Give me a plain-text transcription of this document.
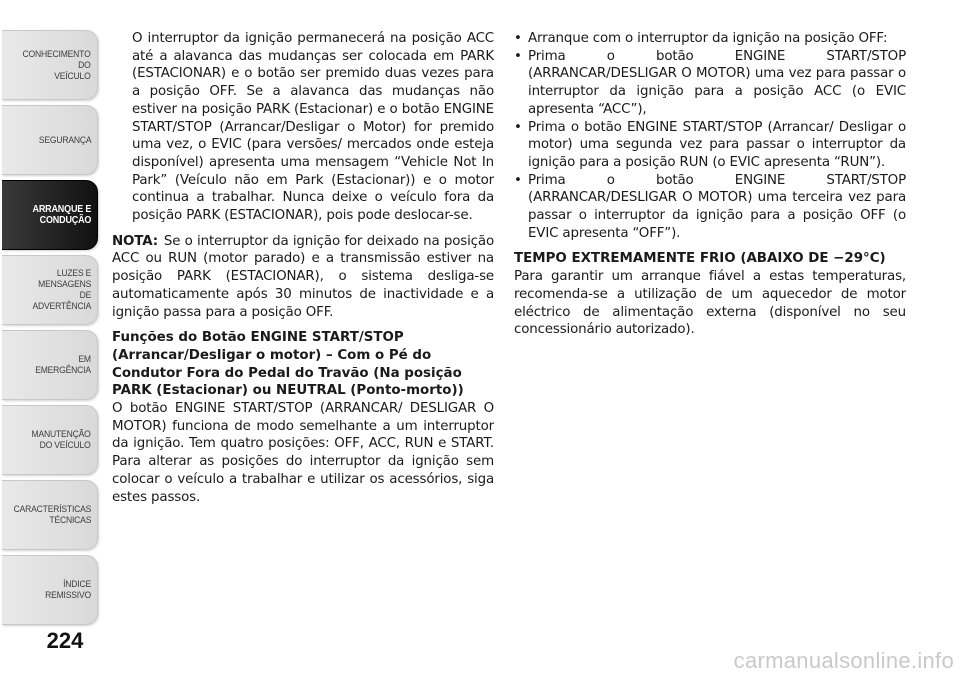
CONHECIMENTO
DO
VEÍCULO
SEGURANÇA
ARRANQUE E
CONDUÇÃO
LUZES E
MENSAGENS
DE
ADVERTÊNCIA
EM
EMERGÊNCIA
MANUTENÇÃO
DO VEÍCULO
CARACTERÍSTICAS
TÉCNICAS
ÍNDICE
REMISSIVO
224

O interruptor da ignição permanecerá na posição ACC até a alavanca das mudanças ser colocada em PARK (ESTACIONAR) e o botão ser premido duas vezes para a posição OFF. Se a alavanca das mudanças não estiver na posição PARK (Estacionar) e o botão ENGINE START/STOP (Arrancar/Desligar o Motor) for premido uma vez, o EVIC (para versões/ mercados onde esteja disponível) apresenta uma mensagem “Vehicle Not In Park” (Veículo não em Park (Estacionar)) e o motor continua a trabalhar. Nunca deixe o veículo fora da posição PARK (ESTACIONAR), pois pode deslocar-se.

NOTA: Se o interruptor da ignição for deixado na posição ACC ou RUN (motor parado) e a transmissão estiver na posição PARK (ESTACIONAR), o sistema desliga-se automaticamente após 30 minutos de inactividade e a ignição passa para a posição OFF.

Funções do Botão ENGINE START/STOP (Arrancar/Desligar o motor) – Com o Pé do Condutor Fora do Pedal do Travão (Na posição PARK (Estacionar) ou NEUTRAL (Ponto-morto))

O botão ENGINE START/STOP (ARRANCAR/ DESLIGAR O MOTOR) funciona de modo semelhante a um interruptor da ignição. Tem quatro posições: OFF, ACC, RUN e START. Para alterar as posições do interruptor da ignição sem colocar o veículo a trabalhar e utilizar os acessórios, siga estes passos.

• Arranque com o interruptor da ignição na posição OFF:
• Prima o botão ENGINE START/STOP (ARRANCAR/DESLIGAR O MOTOR) uma vez para passar o interruptor da ignição para a posição ACC (o EVIC apresenta “ACC”),
• Prima o botão ENGINE START/STOP (Arrancar/ Desligar o motor) uma segunda vez para passar o interruptor da ignição para a posição RUN (o EVIC apresenta “RUN”).
• Prima o botão ENGINE START/STOP (ARRANCAR/DESLIGAR O MOTOR) uma terceira vez para passar o interruptor da ignição para a posição OFF (o EVIC apresenta “OFF”).

TEMPO EXTREMAMENTE FRIO (ABAIXO DE −29°C)

Para garantir um arranque fiável a estas temperaturas, recomenda-se a utilização de um aquecedor de motor eléctrico de alimentação externa (disponível no seu concessionário autorizado).

carmanualsonline.info
